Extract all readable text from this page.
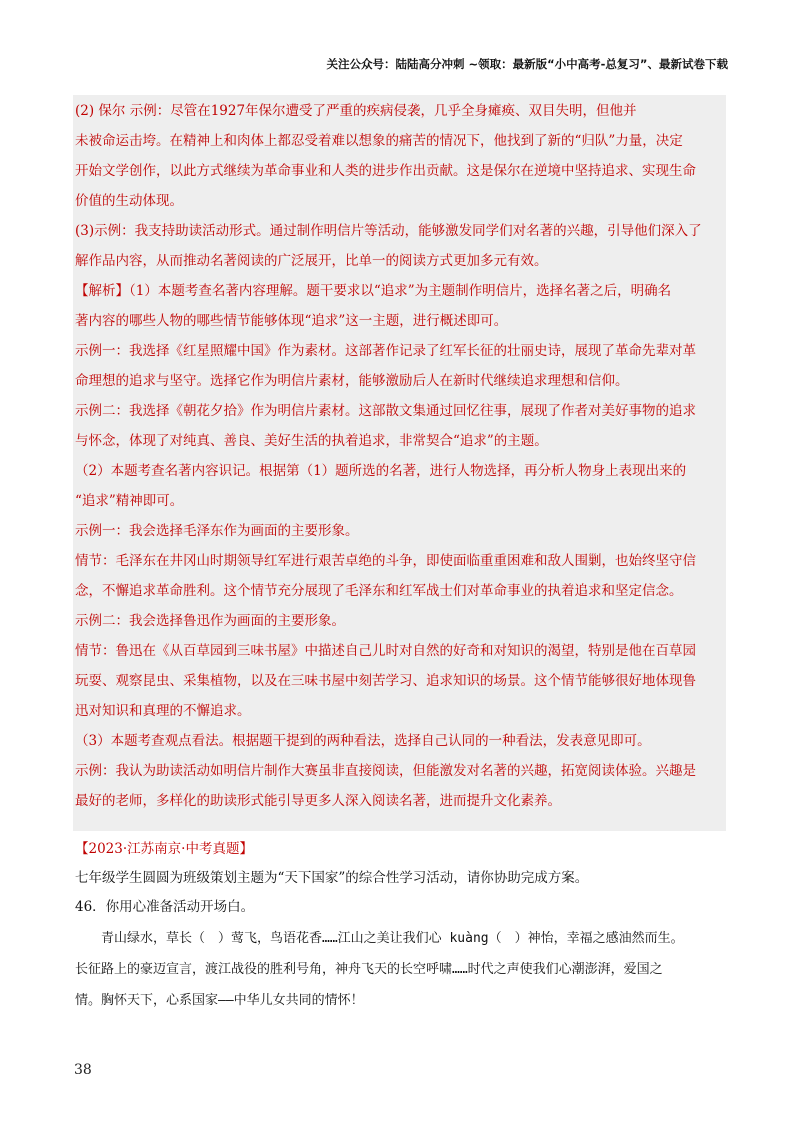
关注公众号：陆陆高分冲刺 ~领取：最新版“小中高考-总复习”、最新试卷下载

(2) 保尔 示例：尽管在1927年保尔遭受了严重的疾病侵袭，几乎全身瘫痪、双目失明，但他并

未被命运击垮。在精神上和肉体上都忍受着难以想象的痛苦的情况下，他找到了新的“归队”力量，决定

开始文学创作，以此方式继续为革命事业和人类的进步作出贡献。这是保尔在逆境中坚持追求、实现生命

价值的生动体现。

(3)示例：我支持助读活动形式。通过制作明信片等活动，能够激发同学们对名著的兴趣，引导他们深入了

解作品内容，从而推动名著阅读的广泛展开，比单一的阅读方式更加多元有效。

【解析】（1）本题考查名著内容理解。题干要求以“追求”为主题制作明信片，选择名著之后，明确名

著内容的哪些人物的哪些情节能够体现“追求”这一主题，进行概述即可。

示例一：我选择《红星照耀中国》作为素材。这部著作记录了红军长征的壮丽史诗，展现了革命先辈对革

命理想的追求与坚守。选择它作为明信片素材，能够激励后人在新时代继续追求理想和信仰。

示例二：我选择《朝花夕拾》作为明信片素材。这部散文集通过回忆往事，展现了作者对美好事物的追求

与怀念，体现了对纯真、善良、美好生活的执着追求，非常契合“追求”的主题。

（2）本题考查名著内容识记。根据第（1）题所选的名著，进行人物选择，再分析人物身上表现出来的

“追求”精神即可。

示例一：我会选择毛泽东作为画面的主要形象。

情节：毛泽东在井冈山时期领导红军进行艰苦卓绝的斗争，即使面临重重困难和敌人围剿，也始终坚守信

念，不懈追求革命胜利。这个情节充分展现了毛泽东和红军战士们对革命事业的执着追求和坚定信念。

示例二：我会选择鲁迅作为画面的主要形象。

情节：鲁迅在《从百草园到三味书屋》中描述自己儿时对自然的好奇和对知识的渴望，特别是他在百草园

玩耍、观察昆虫、采集植物，以及在三味书屋中刻苦学习、追求知识的场景。这个情节能够很好地体现鲁

迅对知识和真理的不懈追求。

（3）本题考查观点看法。根据题干提到的两种看法，选择自己认同的一种看法，发表意见即可。

示例：我认为助读活动如明信片制作大赛虽非直接阅读，但能激发对名著的兴趣，拓宽阅读体验。兴趣是

最好的老师，多样化的助读形式能引导更多人深入阅读名著，进而提升文化素养。

【2023·江苏南京·中考真题】

七年级学生圆圆为班级策划主题为“天下国家”的综合性学习活动，请你协助完成方案。

46．你用心准备活动开场白。

　　青山绿水，草长（　）莺飞，鸟语花香……江山之美让我们心 kuàng（　）神怡，幸福之感油然而生。

长征路上的豪迈宣言，渡江战役的胜利号角，神舟飞天的长空呼啸……时代之声使我们心潮澎湃，爱国之

情。胸怀天下，心系国家——中华儿女共同的情怀！

38
